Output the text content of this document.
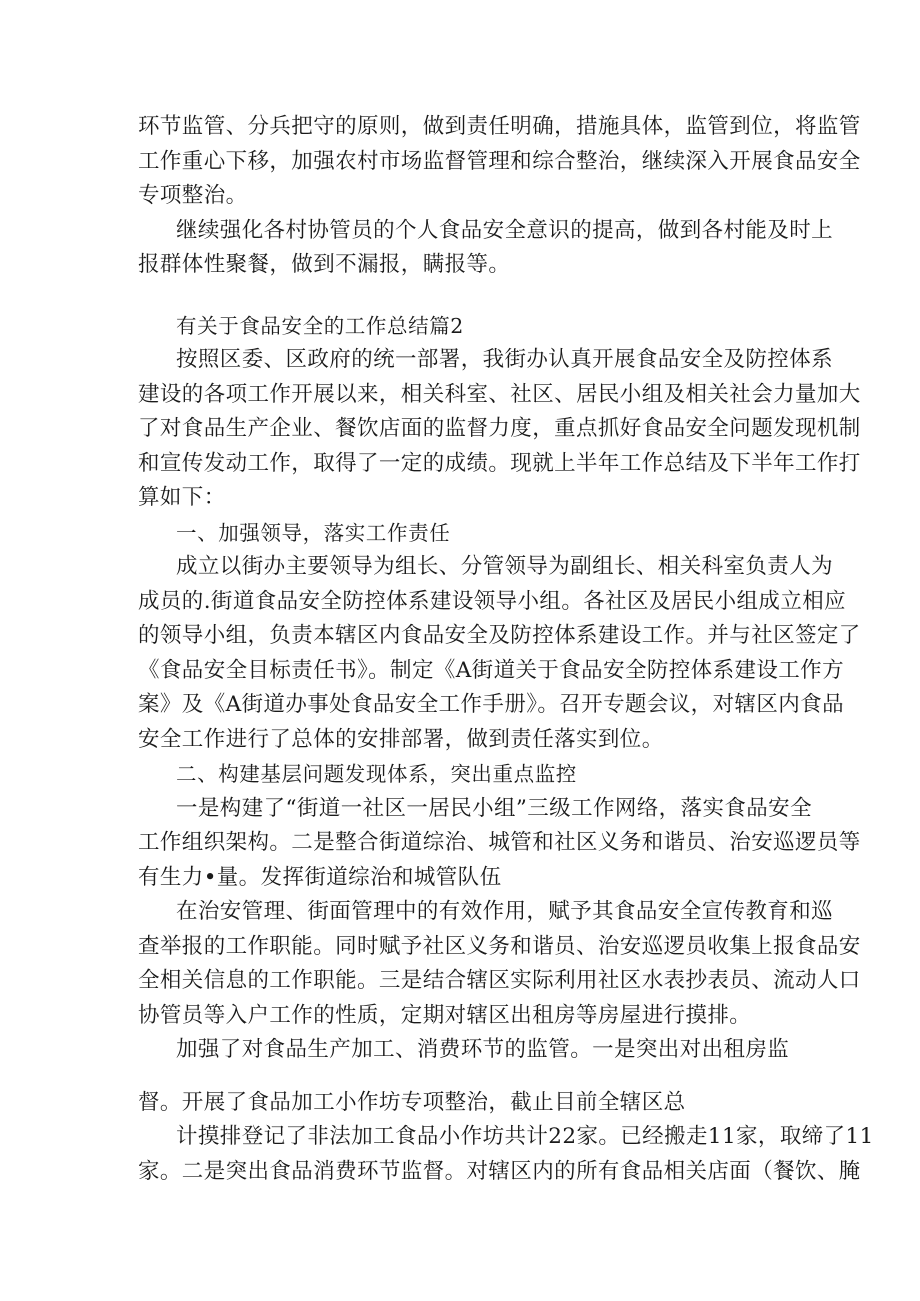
环节监管、分兵把守的原则，做到责任明确，措施具体，监管到位，将监管
工作重心下移，加强农村市场监督管理和综合整治，继续深入开展食品安全
专项整治。
继续强化各村协管员的个人食品安全意识的提高，做到各村能及时上
报群体性聚餐，做到不漏报，瞒报等。
有关于食品安全的工作总结篇2
按照区委、区政府的统一部署，我街办认真开展食品安全及防控体系
建设的各项工作开展以来，相关科室、社区、居民小组及相关社会力量加大
了对食品生产企业、餐饮店面的监督力度，重点抓好食品安全问题发现机制
和宣传发动工作，取得了一定的成绩。现就上半年工作总结及下半年工作打
算如下：
一、加强领导，落实工作责任
成立以街办主要领导为组长、分管领导为副组长、相关科室负责人为
成员的.街道食品安全防控体系建设领导小组。各社区及居民小组成立相应
的领导小组，负责本辖区内食品安全及防控体系建设工作。并与社区签定了
《食品安全目标责任书》。制定《A街道关于食品安全防控体系建设工作方
案》及《A街道办事处食品安全工作手册》。召开专题会议，对辖区内食品
安全工作进行了总体的安排部署，做到责任落实到位。
二、构建基层问题发现体系，突出重点监控
一是构建了“街道一社区一居民小组”三级工作网络，落实食品安全
工作组织架构。二是整合街道综治、城管和社区义务和谐员、治安巡逻员等
有生力•量。发挥街道综治和城管队伍
在治安管理、街面管理中的有效作用，赋予其食品安全宣传教育和巡
查举报的工作职能。同时赋予社区义务和谐员、治安巡逻员收集上报食品安
全相关信息的工作职能。三是结合辖区实际利用社区水表抄表员、流动人口
协管员等入户工作的性质，定期对辖区出租房等房屋进行摸排。
加强了对食品生产加工、消费环节的监管。一是突出对出租房监
督。开展了食品加工小作坊专项整治，截止目前全辖区总
计摸排登记了非法加工食品小作坊共计22家。已经搬走11家，取缔了11
家。二是突出食品消费环节监督。对辖区内的所有食品相关店面（餐饮、腌
